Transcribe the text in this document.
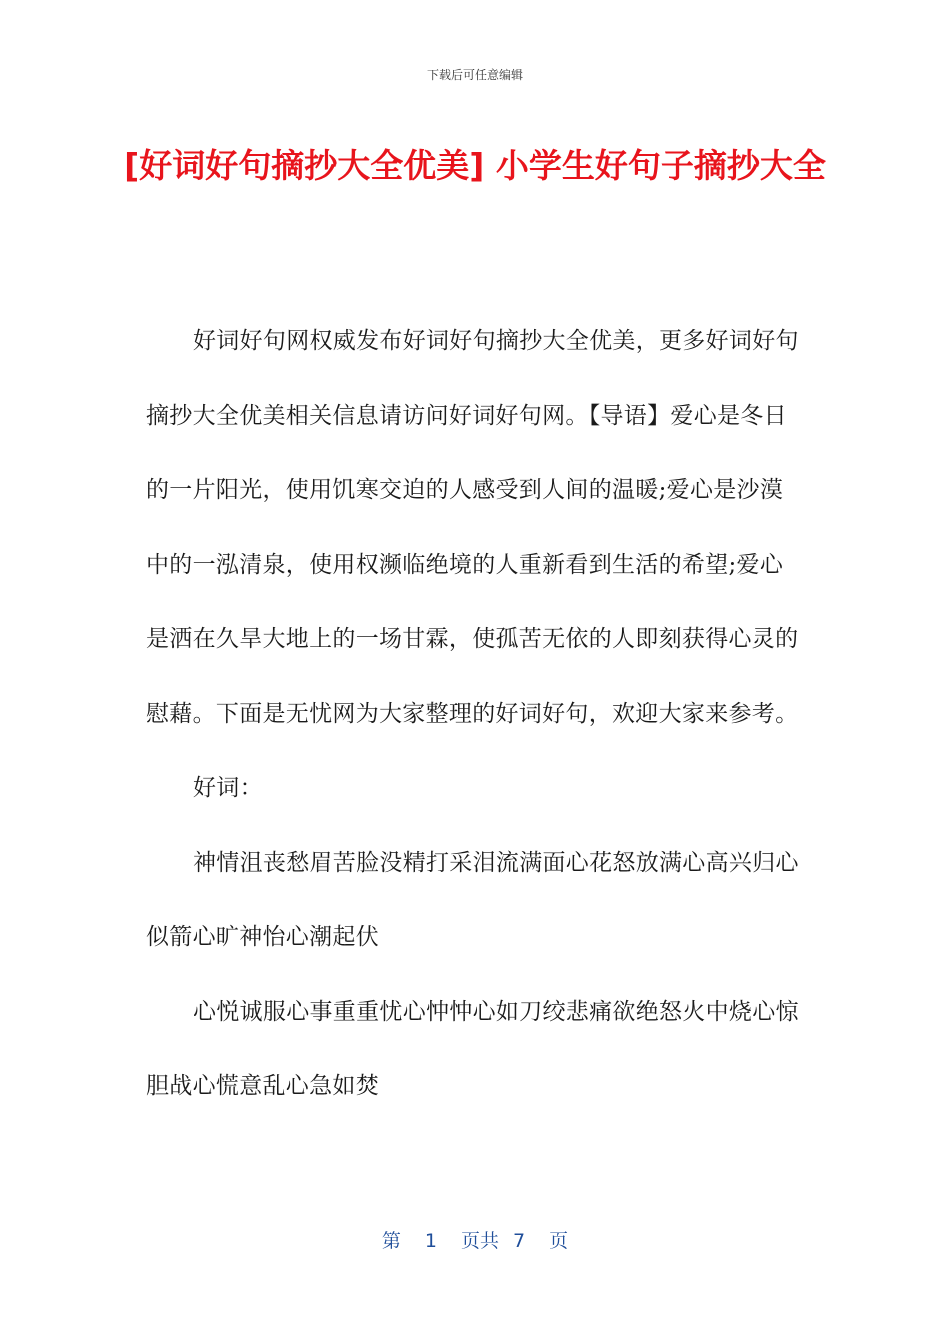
下载后可任意编辑
[好词好句摘抄大全优美] 小学生好句子摘抄大全

好词好句网权威发布好词好句摘抄大全优美，更多好词好句摘抄大全优美相关信息请访问好词好句网。【导语】爱心是冬日的一片阳光，使用饥寒交迫的人感受到人间的温暖;爱心是沙漠中的一泓清泉，使用权濒临绝境的人重新看到生活的希望;爱心是洒在久旱大地上的一场甘霖，使孤苦无依的人即刻获得心灵的慰藉。下面是无忧网为大家整理的好词好句，欢迎大家来参考。

好词：

神情沮丧愁眉苦脸没精打采泪流满面心花怒放满心高兴归心似箭心旷神怡心潮起伏

心悦诚服心事重重忧心忡忡心如刀绞悲痛欲绝怒火中烧心惊胆战心慌意乱心急如焚

第 1 页共 7 页
